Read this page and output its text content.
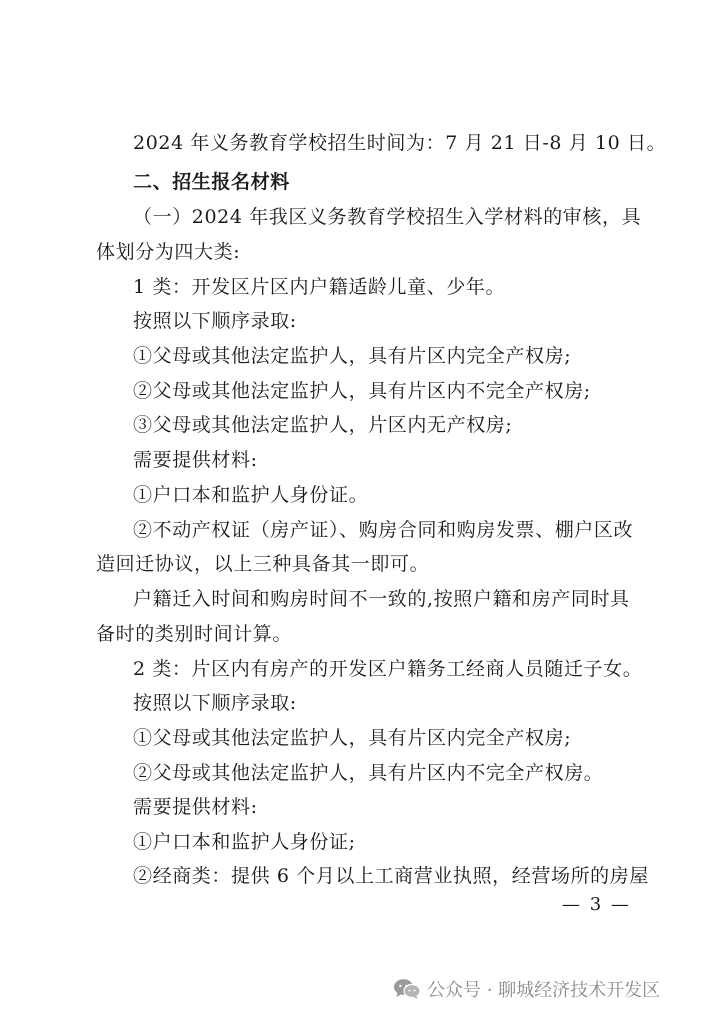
2024 年义务教育学校招生时间为：7 月 21 日-8 月 10 日。
二、招生报名材料
（一）2024 年我区义务教育学校招生入学材料的审核，具
体划分为四大类:
1 类：开发区片区内户籍适龄儿童、少年。
按照以下顺序录取:
①父母或其他法定监护人，具有片区内完全产权房;
②父母或其他法定监护人，具有片区内不完全产权房;
③父母或其他法定监护人，片区内无产权房;
需要提供材料:
①户口本和监护人身份证。
②不动产权证（房产证）、购房合同和购房发票、棚户区改
造回迁协议，以上三种具备其一即可。
户籍迁入时间和购房时间不一致的,按照户籍和房产同时具
备时的类别时间计算。
2 类：片区内有房产的开发区户籍务工经商人员随迁子女。
按照以下顺序录取:
①父母或其他法定监护人，具有片区内完全产权房;
②父母或其他法定监护人，具有片区内不完全产权房。
需要提供材料:
①户口本和监护人身份证;
②经商类：提供 6 个月以上工商营业执照，经营场所的房屋
— 3 —
公众号 · 聊城经济技术开发区
